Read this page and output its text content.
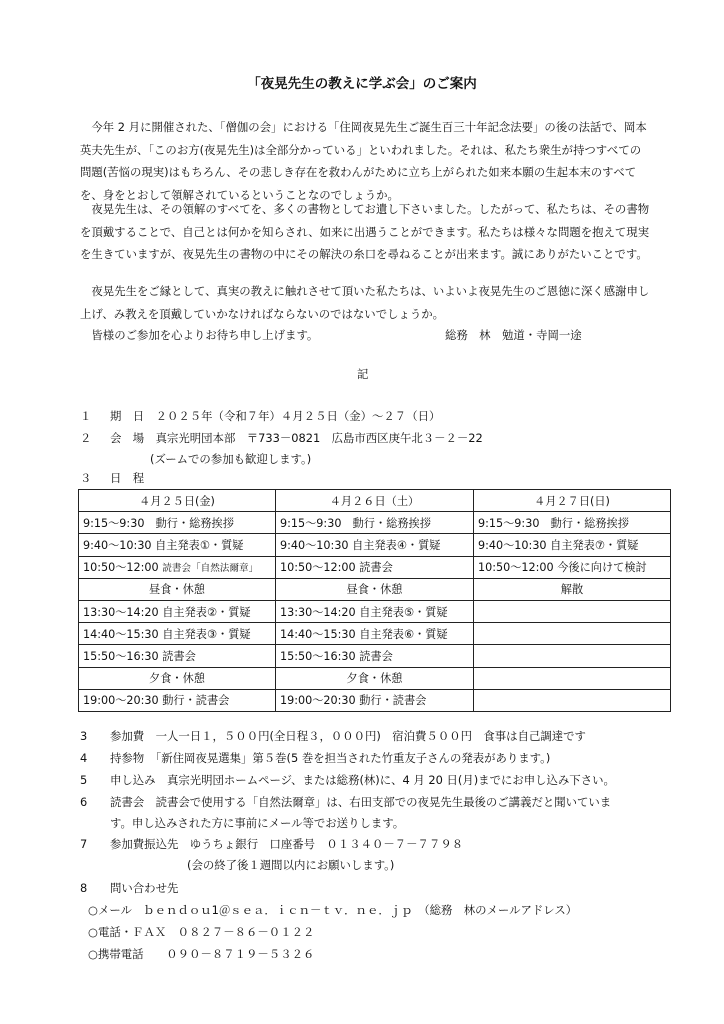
「夜晃先生の教えに学ぶ会」のご案内

　今年 2 月に開催された、「僧伽の会」における「住岡夜晃先生ご誕生百三十年記念法要」の後の法話で、岡本英夫先生が、「このお方(夜晃先生)は全部分かっている」といわれました。それは、私たち衆生が持つすべての問題(苦悩の現実)はもちろん、その悲しき存在を救わんがために立ち上がられた如来本願の生起本末のすべてを、身をとおして領解されているということなのでしょうか。

　夜晃先生は、その領解のすべてを、多くの書物としてお遺し下さいました。したがって、私たちは、その書物を頂戴することで、自己とは何かを知らされ、如来に出遇うことができます。私たちは様々な問題を抱えて現実を生きていますが、夜晃先生の書物の中にその解決の糸口を尋ねることが出来ます。誠にありがたいことです。

　夜晃先生をご縁として、真実の教えに触れさせて頂いた私たちは、いよいよ夜晃先生のご恩徳に深く感謝申し上げ、み教えを頂戴していかなければならないのではないでしょうか。

　皆様のご参加を心よりお待ち申し上げます。	総務　林　勉道・寺岡一途

記
１ 期　日　 ２０２５年（令和７年）４月２５日（金）～２７（日）
２ 会　場　 真宗光明団本部　〒733－0821　広島市西区庚午北３－２－22
(ズームでの参加も歓迎します。)
３ 日　程
４月２５日(金)	４月２６日（土）	４月２７日(日)
9:15～9:30　動行・総務挨拶	9:15～9:30　動行・総務挨拶	9:15～9:30　動行・総務挨拶
9:40～10:30 自主発表①・質疑	9:40～10:30 自主発表④・質疑	9:40～10:30 自主発表⑦・質疑
10:50～12:00 読書会「自然法爾章」	10:50～12:00 読書会	10:50～12:00 今後に向けて検討
昼食・休憩	昼食・休憩	解散
13:30～14:20 自主発表②・質疑	13:30～14:20 自主発表⑤・質疑	
14:40～15:30 自主発表③・質疑	14:40～15:30 自主発表⑥・質疑	
15:50～16:30 読書会	15:50～16:30 読書会	
夕食・休憩	夕食・休憩	
19:00～20:30 動行・読書会	19:00～20:30 動行・読書会	
3 参加費　一人一日１，５００円(全日程３，０００円)　宿泊費５００円　食事は自己調達です
4 持参物　「新住岡夜晃選集」第５巻(5 巻を担当された竹重友子さんの発表があります。)
5 申し込み　真宗光明団ホームページ、または総務(林)に、4 月 20 日(月)までにお申し込み下さい。
6 読書会　読書会で使用する「自然法爾章」は、右田支部での夜晃先生最後のご講義だと聞いていま
す。申し込みされた方に事前にメール等でお送りします。
7 参加費振込先　ゆうちょ銀行　口座番号　０１３４０－７－７７９８
(会の終了後１週間以内にお願いします。)
8 問い合わせ先
○メール　ｂｅｎｄｏｕ1＠ｓｅａ．ｉｃｎ－ｔｖ．ｎｅ．ｊｐ　（総務　林のメールアドレス）
○電話・ＦＡＸ　０８２７－８６－０１２２
○携帯電話　　０９０－８７１９－５３２６
